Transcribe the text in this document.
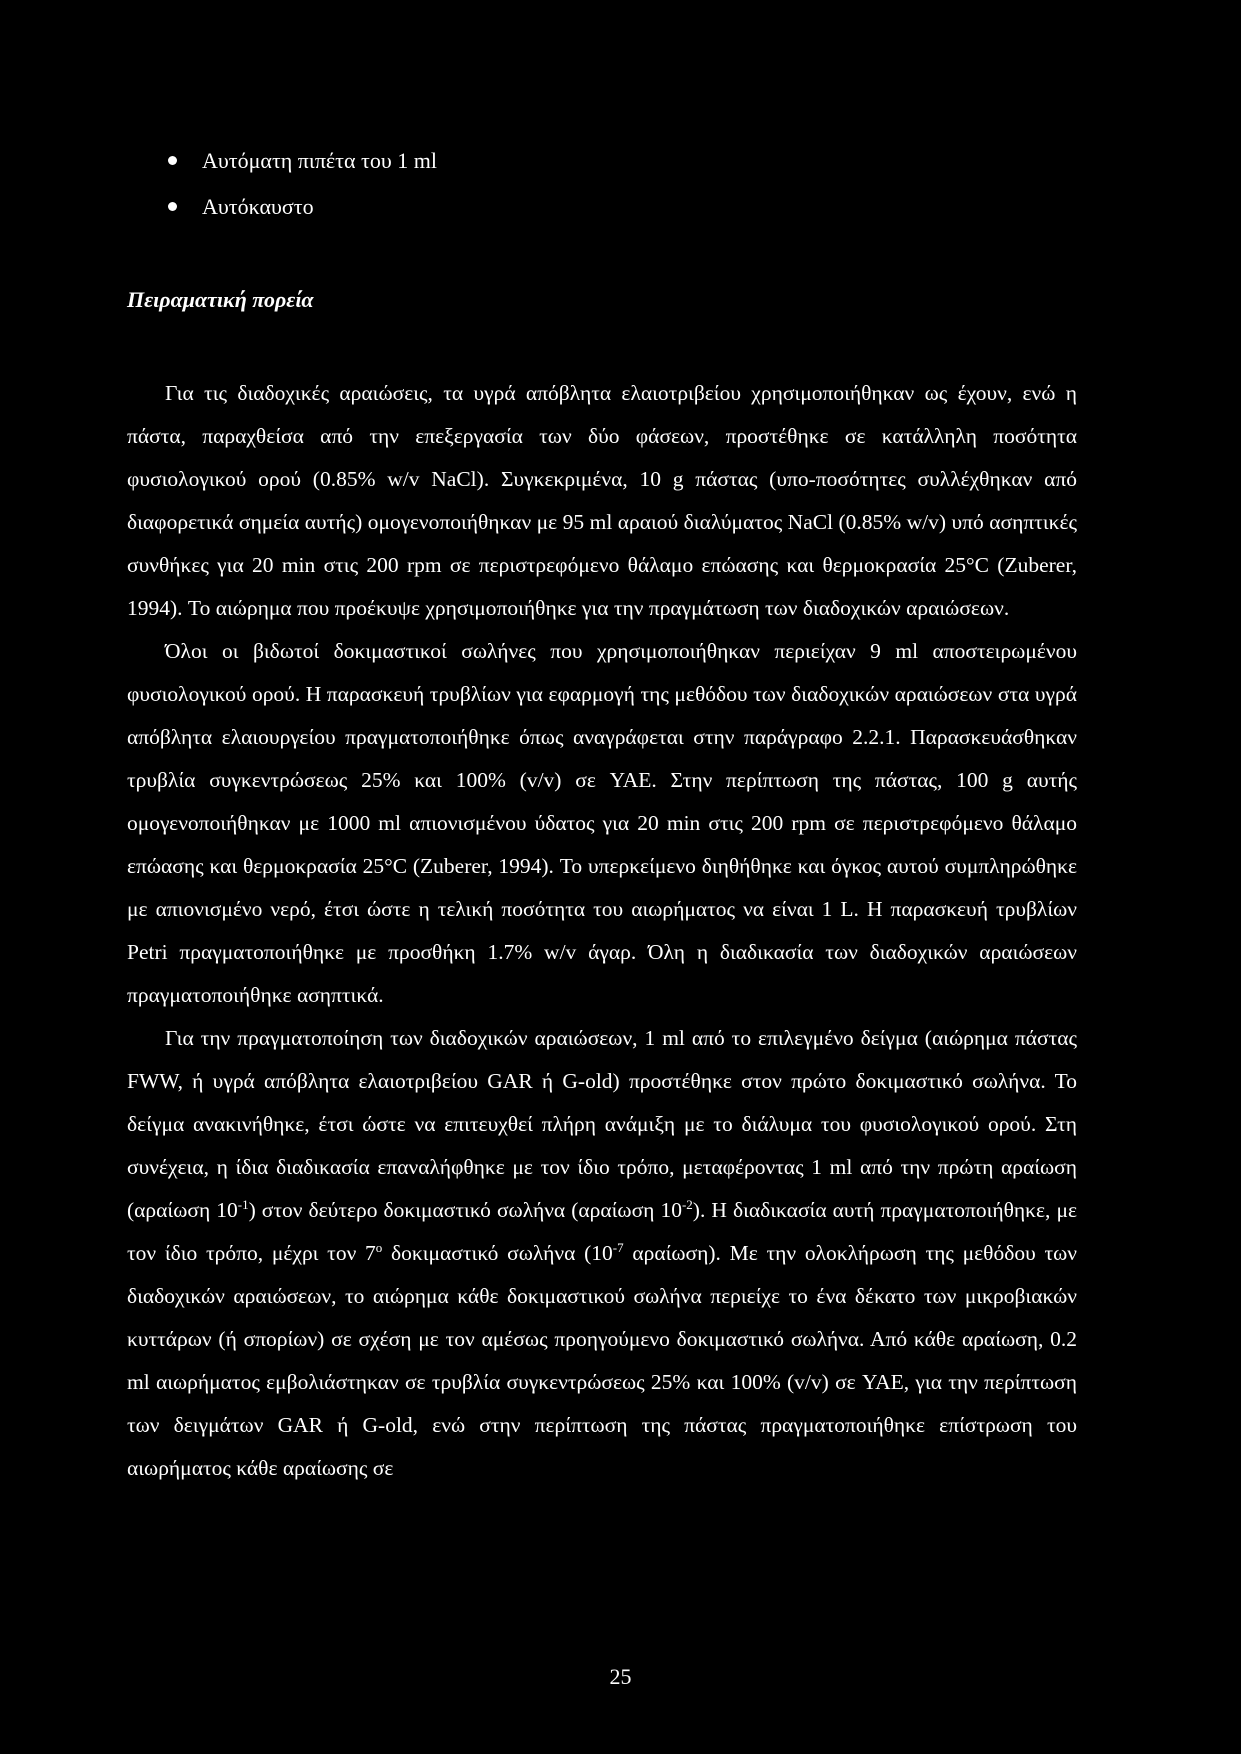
Αυτόματη πιπέτα του 1 ml
Αυτόκαυστο
Πειραματική πορεία

Για τις διαδοχικές αραιώσεις, τα υγρά απόβλητα ελαιοτριβείου χρησιμοποιήθηκαν ως έχουν, ενώ η πάστα, παραχθείσα από την επεξεργασία των δύο φάσεων, προστέθηκε σε κατάλληλη ποσότητα φυσιολογικού ορού (0.85% w/v NaCl). Συγκεκριμένα, 10 g πάστας (υπο-ποσότητες συλλέχθηκαν από διαφορετικά σημεία αυτής) ομογενοποιήθηκαν με 95 ml αραιού διαλύματος NaCl (0.85% w/v) υπό ασηπτικές συνθήκες για 20 min στις 200 rpm σε περιστρεφόμενο θάλαμο επώασης και θερμοκρασία 25°C (Zuberer, 1994). Το αιώρημα που προέκυψε χρησιμοποιήθηκε για την πραγμάτωση των διαδοχικών αραιώσεων.

Όλοι οι βιδωτοί δοκιμαστικοί σωλήνες που χρησιμοποιήθηκαν περιείχαν 9 ml αποστειρωμένου φυσιολογικού ορού. Η παρασκευή τρυβλίων για εφαρμογή της μεθόδου των διαδοχικών αραιώσεων στα υγρά απόβλητα ελαιουργείου πραγματοποιήθηκε όπως αναγράφεται στην παράγραφο 2.2.1. Παρασκευάσθηκαν τρυβλία συγκεντρώσεως 25% και 100% (v/v) σε YAE. Στην περίπτωση της πάστας, 100 g αυτής ομογενοποιήθηκαν με 1000 ml απιονισμένου ύδατος για 20 min στις 200 rpm σε περιστρεφόμενο θάλαμο επώασης και θερμοκρασία 25°C (Zuberer, 1994). Το υπερκείμενο διηθήθηκε και όγκος αυτού συμπληρώθηκε με απιονισμένο νερό, έτσι ώστε η τελική ποσότητα του αιωρήματος να είναι 1 L. Η παρασκευή τρυβλίων Petri πραγματοποιήθηκε με προσθήκη 1.7% w/v άγαρ. Όλη η διαδικασία των διαδοχικών αραιώσεων πραγματοποιήθηκε ασηπτικά.

Για την πραγματοποίηση των διαδοχικών αραιώσεων, 1 ml από το επιλεγμένο δείγμα (αιώρημα πάστας FWW, ή υγρά απόβλητα ελαιοτριβείου GAR ή G-old) προστέθηκε στον πρώτο δοκιμαστικό σωλήνα. Το δείγμα ανακινήθηκε, έτσι ώστε να επιτευχθεί πλήρη ανάμιξη με το διάλυμα του φυσιολογικού ορού. Στη συνέχεια, η ίδια διαδικασία επαναλήφθηκε με τον ίδιο τρόπο, μεταφέροντας 1 ml από την πρώτη αραίωση (αραίωση $10^{-1}$) στον δεύτερο δοκιμαστικό σωλήνα (αραίωση $10^{-2}$). Η διαδικασία αυτή πραγματοποιήθηκε, με τον ίδιο τρόπο, μέχρι τον $7^o$ δοκιμαστικό σωλήνα ($10^{-7}$ αραίωση). Με την ολοκλήρωση της μεθόδου των διαδοχικών αραιώσεων, το αιώρημα κάθε δοκιμαστικού σωλήνα περιείχε το ένα δέκατο των μικροβιακών κυττάρων (ή σπορίων) σε σχέση με τον αμέσως προηγούμενο δοκιμαστικό σωλήνα. Από κάθε αραίωση, 0.2 ml αιωρήματος εμβολιάστηκαν σε τρυβλία συγκεντρώσεως 25% και 100% (v/v) σε YAE, για την περίπτωση των δειγμάτων GAR ή G-old, ενώ στην περίπτωση της πάστας πραγματοποιήθηκε επίστρωση του αιωρήματος κάθε αραίωσης σε

25
